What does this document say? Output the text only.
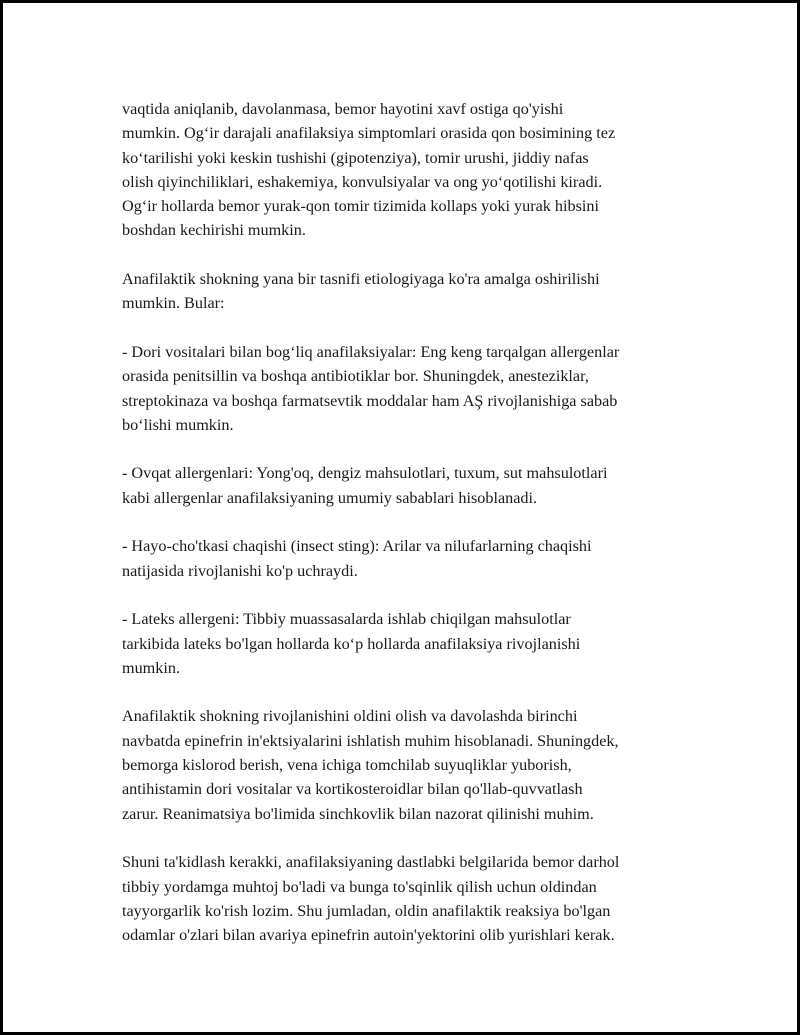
vaqtida aniqlanib, davolanmasa, bemor hayotini xavf ostiga qo'yishi
mumkin. Og‘ir darajali anafilaksiya simptomlari orasida qon bosimining tez
ko‘tarilishi yoki keskin tushishi (gipotenziya), tomir urushi, jiddiy nafas
olish qiyinchiliklari, eshakemiya, konvulsiyalar va ong yo‘qotilishi kiradi.
Og‘ir hollarda bemor yurak-qon tomir tizimida kollaps yoki yurak hibsini
boshdan kechirishi mumkin.

Anafilaktik shokning yana bir tasnifi etiologiyaga ko'ra amalga oshirilishi
mumkin. Bular:

- Dori vositalari bilan bog‘liq anafilaksiyalar: Eng keng tarqalgan allergenlar
orasida penitsillin va boshqa antibiotiklar bor. Shuningdek, anesteziklar,
streptokinaza va boshqa farmatsevtik moddalar ham AŞ rivojlanishiga sabab
bo‘lishi mumkin.

- Ovqat allergenlari: Yong'oq, dengiz mahsulotlari, tuxum, sut mahsulotlari
kabi allergenlar anafilaksiyaning umumiy sabablari hisoblanadi.

- Hayo-cho'tkasi chaqishi (insect sting): Arilar va nilufarlarning chaqishi
natijasida rivojlanishi ko'p uchraydi.

- Lateks allergeni: Tibbiy muassasalarda ishlab chiqilgan mahsulotlar
tarkibida lateks bo'lgan hollarda ko‘p hollarda anafilaksiya rivojlanishi
mumkin.

Anafilaktik shokning rivojlanishini oldini olish va davolashda birinchi
navbatda epinefrin in'ektsiyalarini ishlatish muhim hisoblanadi. Shuningdek,
bemorga kislorod berish, vena ichiga tomchilab suyuqliklar yuborish,
antihistamin dori vositalar va kortikosteroidlar bilan qo'llab-quvvatlash
zarur. Reanimatsiya bo'limida sinchkovlik bilan nazorat qilinishi muhim.

Shuni ta'kidlash kerakki, anafilaksiyaning dastlabki belgilarida bemor darhol
tibbiy yordamga muhtoj bo'ladi va bunga to'sqinlik qilish uchun oldindan
tayyorgarlik ko'rish lozim. Shu jumladan, oldin anafilaktik reaksiya bo'lgan
odamlar o'zlari bilan avariya epinefrin autoin'yektorini olib yurishlari kerak.
